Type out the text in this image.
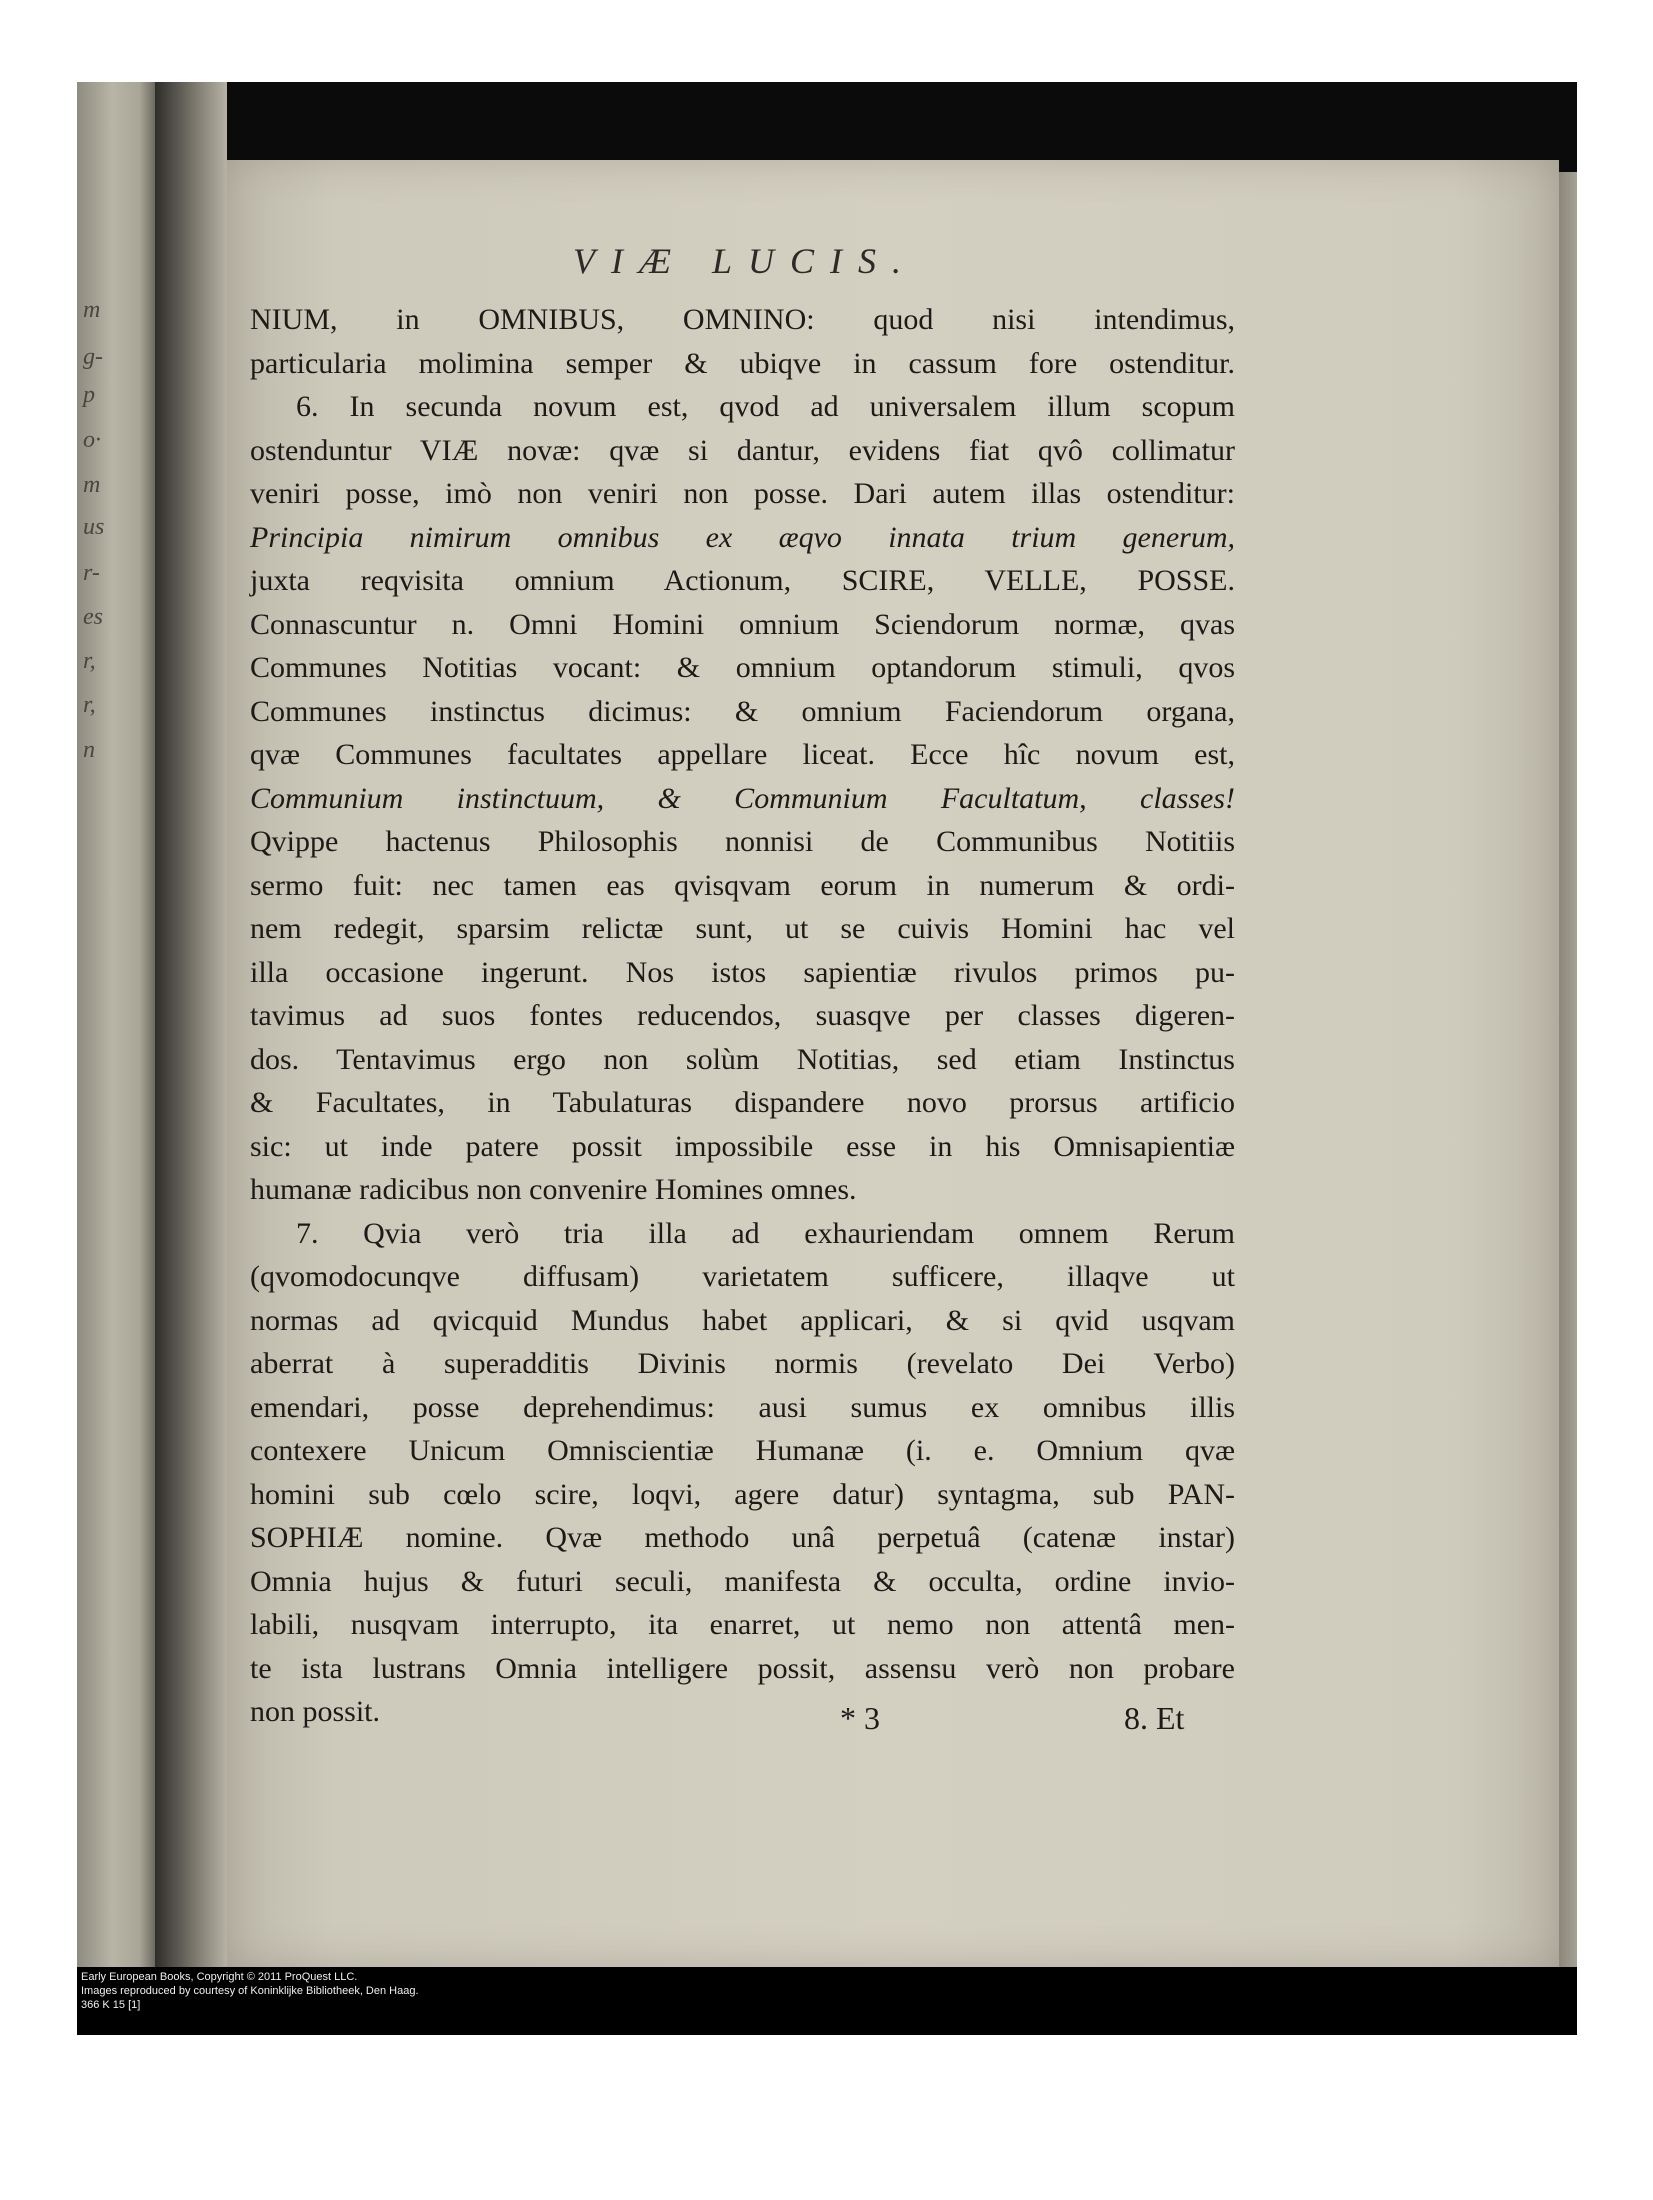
m
g-
p
o·
m
us
r-
es
r,
r,
n
Early European Books, Copyright © 2011 ProQuest LLC.
Images reproduced by courtesy of Koninklijke Bibliotheek, Den Haag.
366 K 15 [1]
VIÆ LUCIS.
NIUM, in OMNIBUS, OMNINO: quod nisi intendimus,
particularia molimina semper & ubiqve in cassum fore ostenditur.
6. In secunda novum est, qvod ad universalem illum scopum
ostenduntur VIÆ novæ: qvæ si dantur, evidens fiat qvô collimatur
veniri posse, imò non veniri non posse. Dari autem illas ostenditur:
Principia nimirum omnibus ex æqvo innata trium generum,
juxta reqvisita omnium Actionum, SCIRE, VELLE, POSSE.
Connascuntur n. Omni Homini omnium Sciendorum normæ, qvas
Communes Notitias vocant: & omnium optandorum stimuli, qvos
Communes instinctus dicimus: & omnium Faciendorum organa,
qvæ Communes facultates appellare liceat. Ecce hîc novum est,
Communium instinctuum, & Communium Facultatum, classes!
Qvippe hactenus Philosophis nonnisi de Communibus Notitiis
sermo fuit: nec tamen eas qvisqvam eorum in numerum & ordi-
nem redegit, sparsim relictæ sunt, ut se cuivis Homini hac vel
illa occasione ingerunt. Nos istos sapientiæ rivulos primos pu-
tavimus ad suos fontes reducendos, suasqve per classes digeren-
dos. Tentavimus ergo non solùm Notitias, sed etiam Instinctus
& Facultates, in Tabulaturas dispandere novo prorsus artificio
sic: ut inde patere possit impossibile esse in his Omnisapientiæ
humanæ radicibus non convenire Homines omnes.
7. Qvia verò tria illa ad exhauriendam omnem Rerum
(qvomodocunqve diffusam) varietatem sufficere, illaqve ut
normas ad qvicquid Mundus habet applicari, & si qvid usqvam
aberrat à superadditis Divinis normis (revelato Dei Verbo)
emendari, posse deprehendimus: ausi sumus ex omnibus illis
contexere Unicum Omniscientiæ Humanæ (i. e. Omnium qvæ
homini sub cœlo scire, loqvi, agere datur) syntagma, sub PAN-
SOPHIÆ nomine. Qvæ methodo unâ perpetuâ (catenæ instar)
Omnia hujus & futuri seculi, manifesta & occulta, ordine invio-
labili, nusqvam interrupto, ita enarret, ut nemo non attentâ men-
te ista lustrans Omnia intelligere possit, assensu verò non probare
non possit.	* 3	8. Et
